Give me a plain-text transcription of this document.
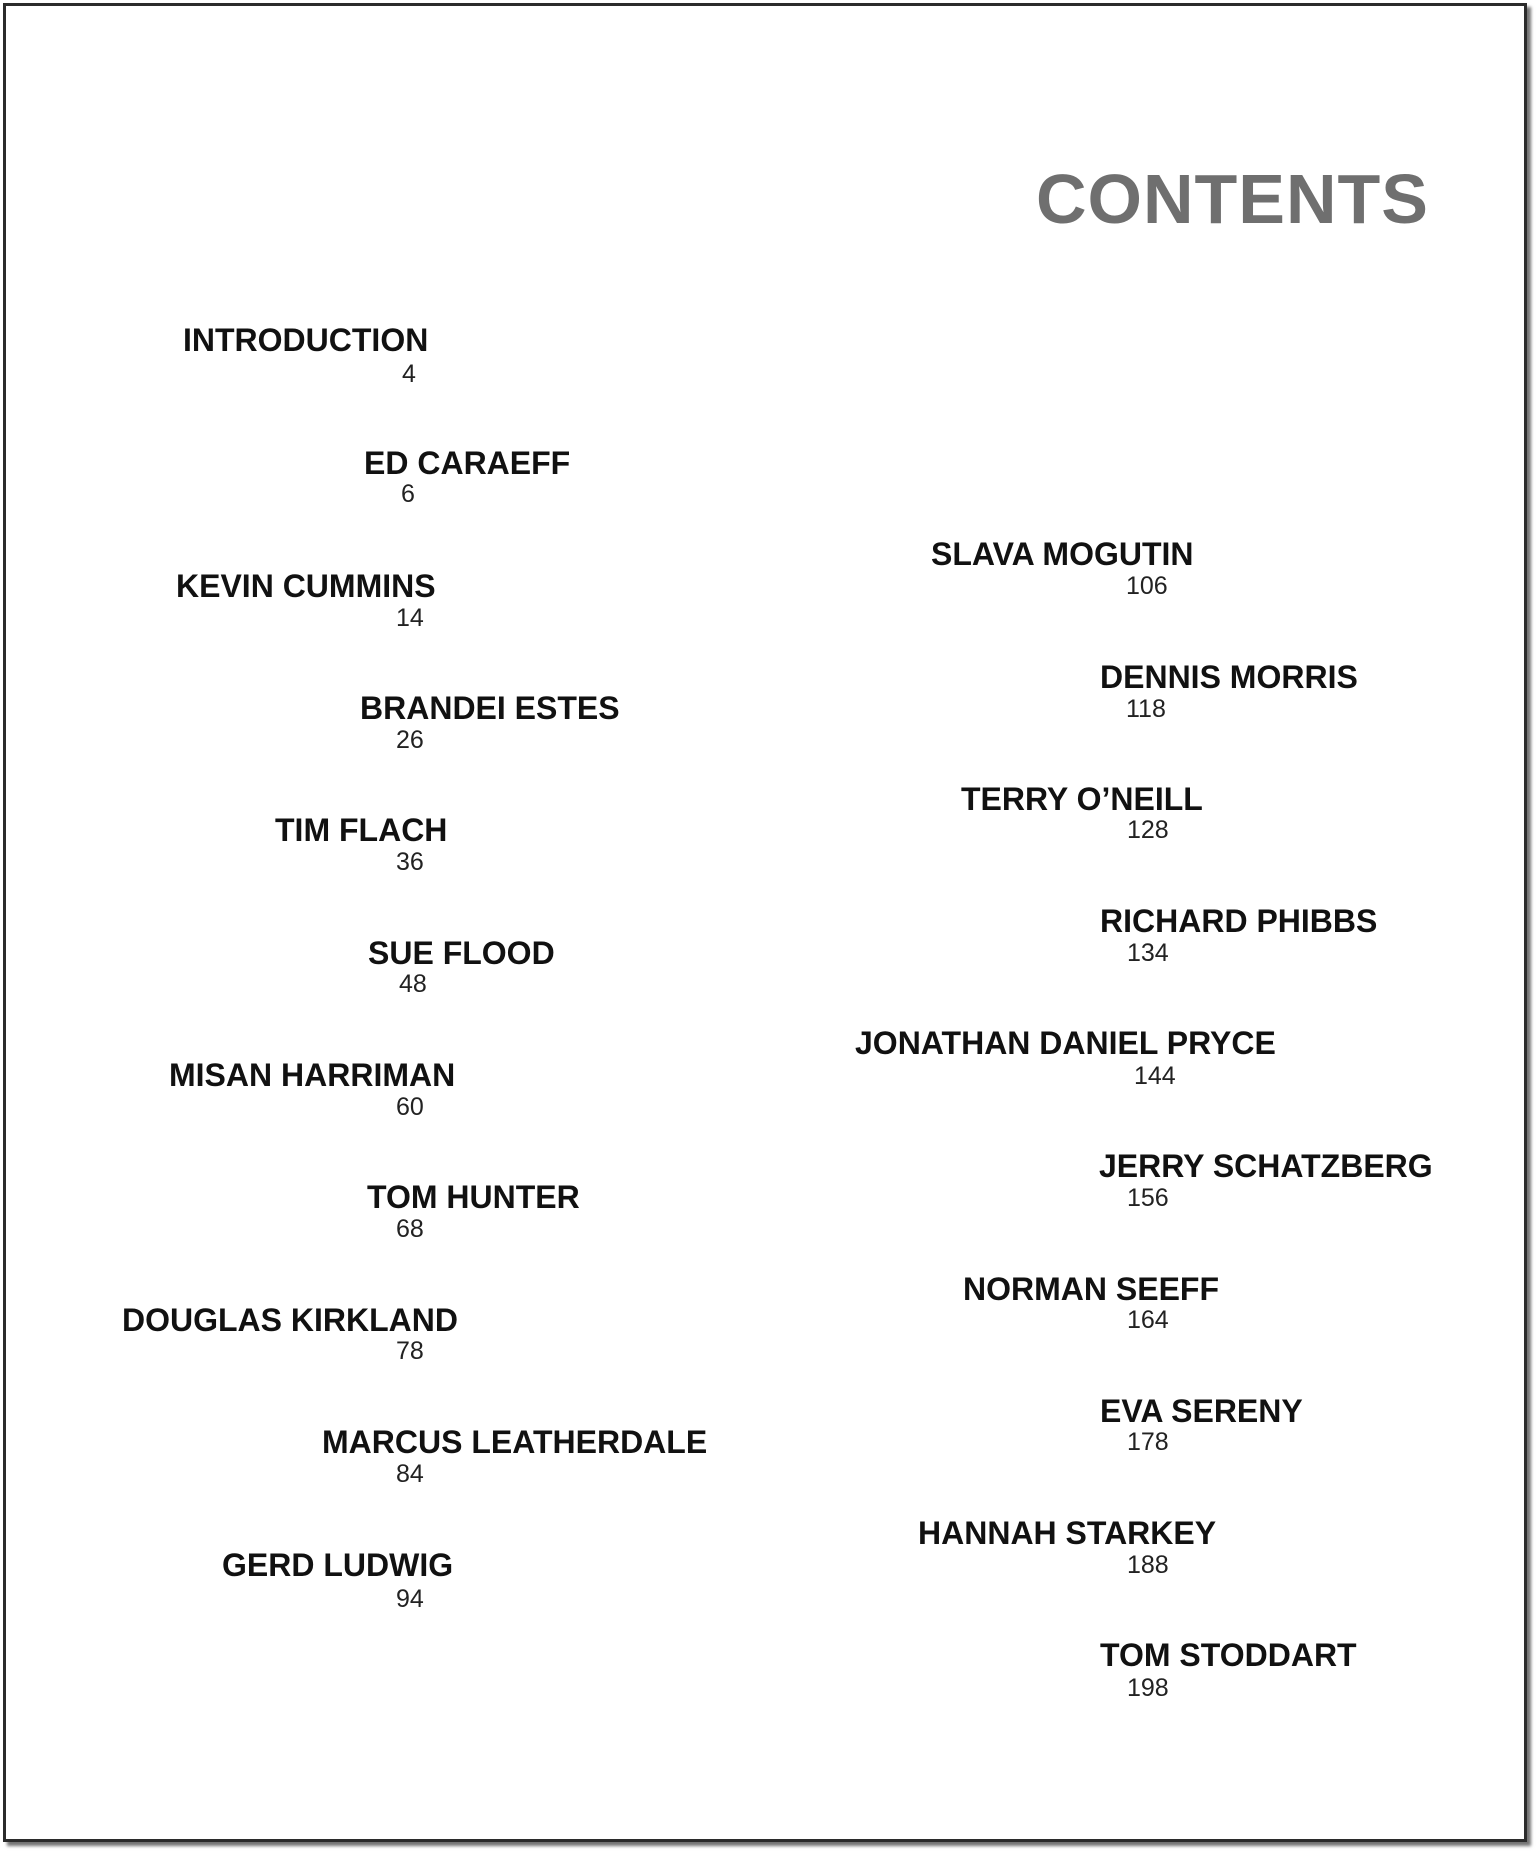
CONTENTS
INTRODUCTION
4
ED CARAEFF
6
KEVIN CUMMINS
14
BRANDEI ESTES
26
TIM FLACH
36
SUE FLOOD
48
MISAN HARRIMAN
60
TOM HUNTER
68
DOUGLAS KIRKLAND
78
MARCUS LEATHERDALE
84
GERD LUDWIG
94
SLAVA MOGUTIN
106
DENNIS MORRIS
118
TERRY O’NEILL
128
RICHARD PHIBBS
134
JONATHAN DANIEL PRYCE
144
JERRY SCHATZBERG
156
NORMAN SEEFF
164
EVA SERENY
178
HANNAH STARKEY
188
TOM STODDART
198
